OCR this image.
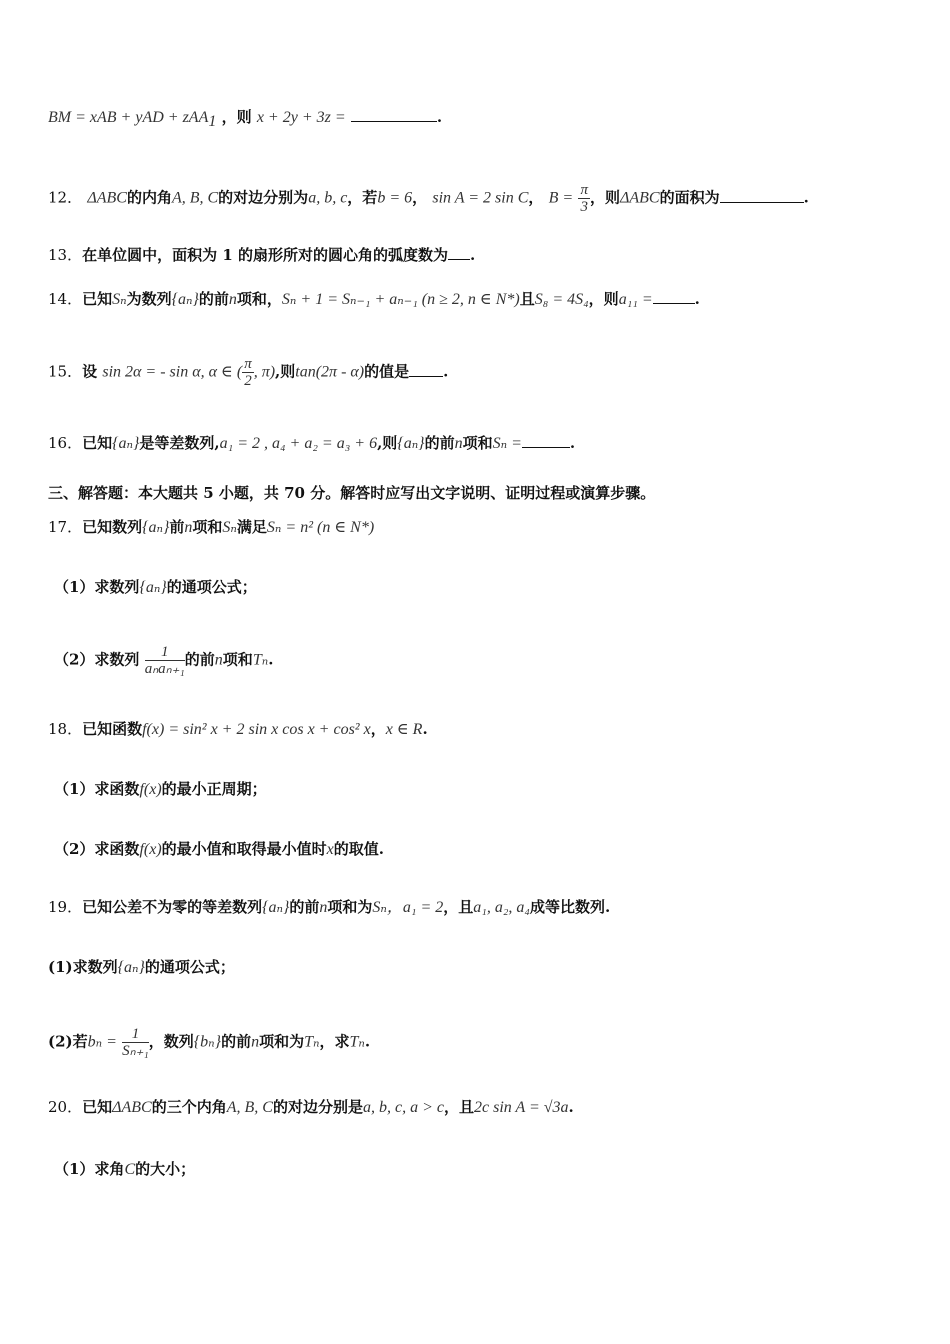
BM = xAB + yAD + zAA$_1$ ，则 x + 2y + 3z =	.
12． ΔABC的内角A, B, C的对边分别为a, b, c，若b = 6， sin A = 2 sin C， $B = \frac{\pi}{3}$ ，则ΔABC的面积为	.
13．在单位圆中，面积为 1 的扇形所对的圆心角的弧度数为 .
14．已知Sₙ为数列{aₙ}的前n项和，Sₙ + 1 = Sₙ₋₁ + aₙ₋₁ (n ≥ 2, n ∈ N*)且S₈ = 4S₄，则a₁₁ =	.
15．设 sin 2α = - sin α, α ∈ ( $\frac{\pi}{2}$ , π),则tan(2π - α)的值是 .
16．已知{aₙ}是等差数列,a₁ = 2 , a₄ + a₂ = a₃ + 6,则{aₙ}的前n项和Sₙ =	.
三、解答题：本大题共 5 小题，共 70 分。解答时应写出文字说明、证明过程或演算步骤。
17．已知数列{aₙ}前n项和Sₙ满足Sₙ = n² (n ∈ N*)
（1）求数列{aₙ}的通项公式；
（2）求数列 $\frac{1}{\text{aₙaₙ₊₁}}$ 的前n项和Tₙ.
18．已知函数f(x) = sin² x + 2 sin x cos x + cos² x，x ∈ R.
（1）求函数f(x)的最小正周期；
（2）求函数f(x)的最小值和取得最小值时x的取值.
19．已知公差不为零的等差数列{aₙ}的前n项和为Sₙ，a₁ = 2，且a₁, a₂, a₄成等比数列.
(1)求数列{aₙ}的通项公式；
(2)若$b_n = \frac{1}{\text{Sₙ₊₁}}$ ，数列{bₙ}的前n项和为Tₙ，求Tₙ.
20．已知ΔABC的三个内角A, B, C的对边分别是a, b, c, a > c，且2c sin A = √3a.
（1）求角C的大小；
